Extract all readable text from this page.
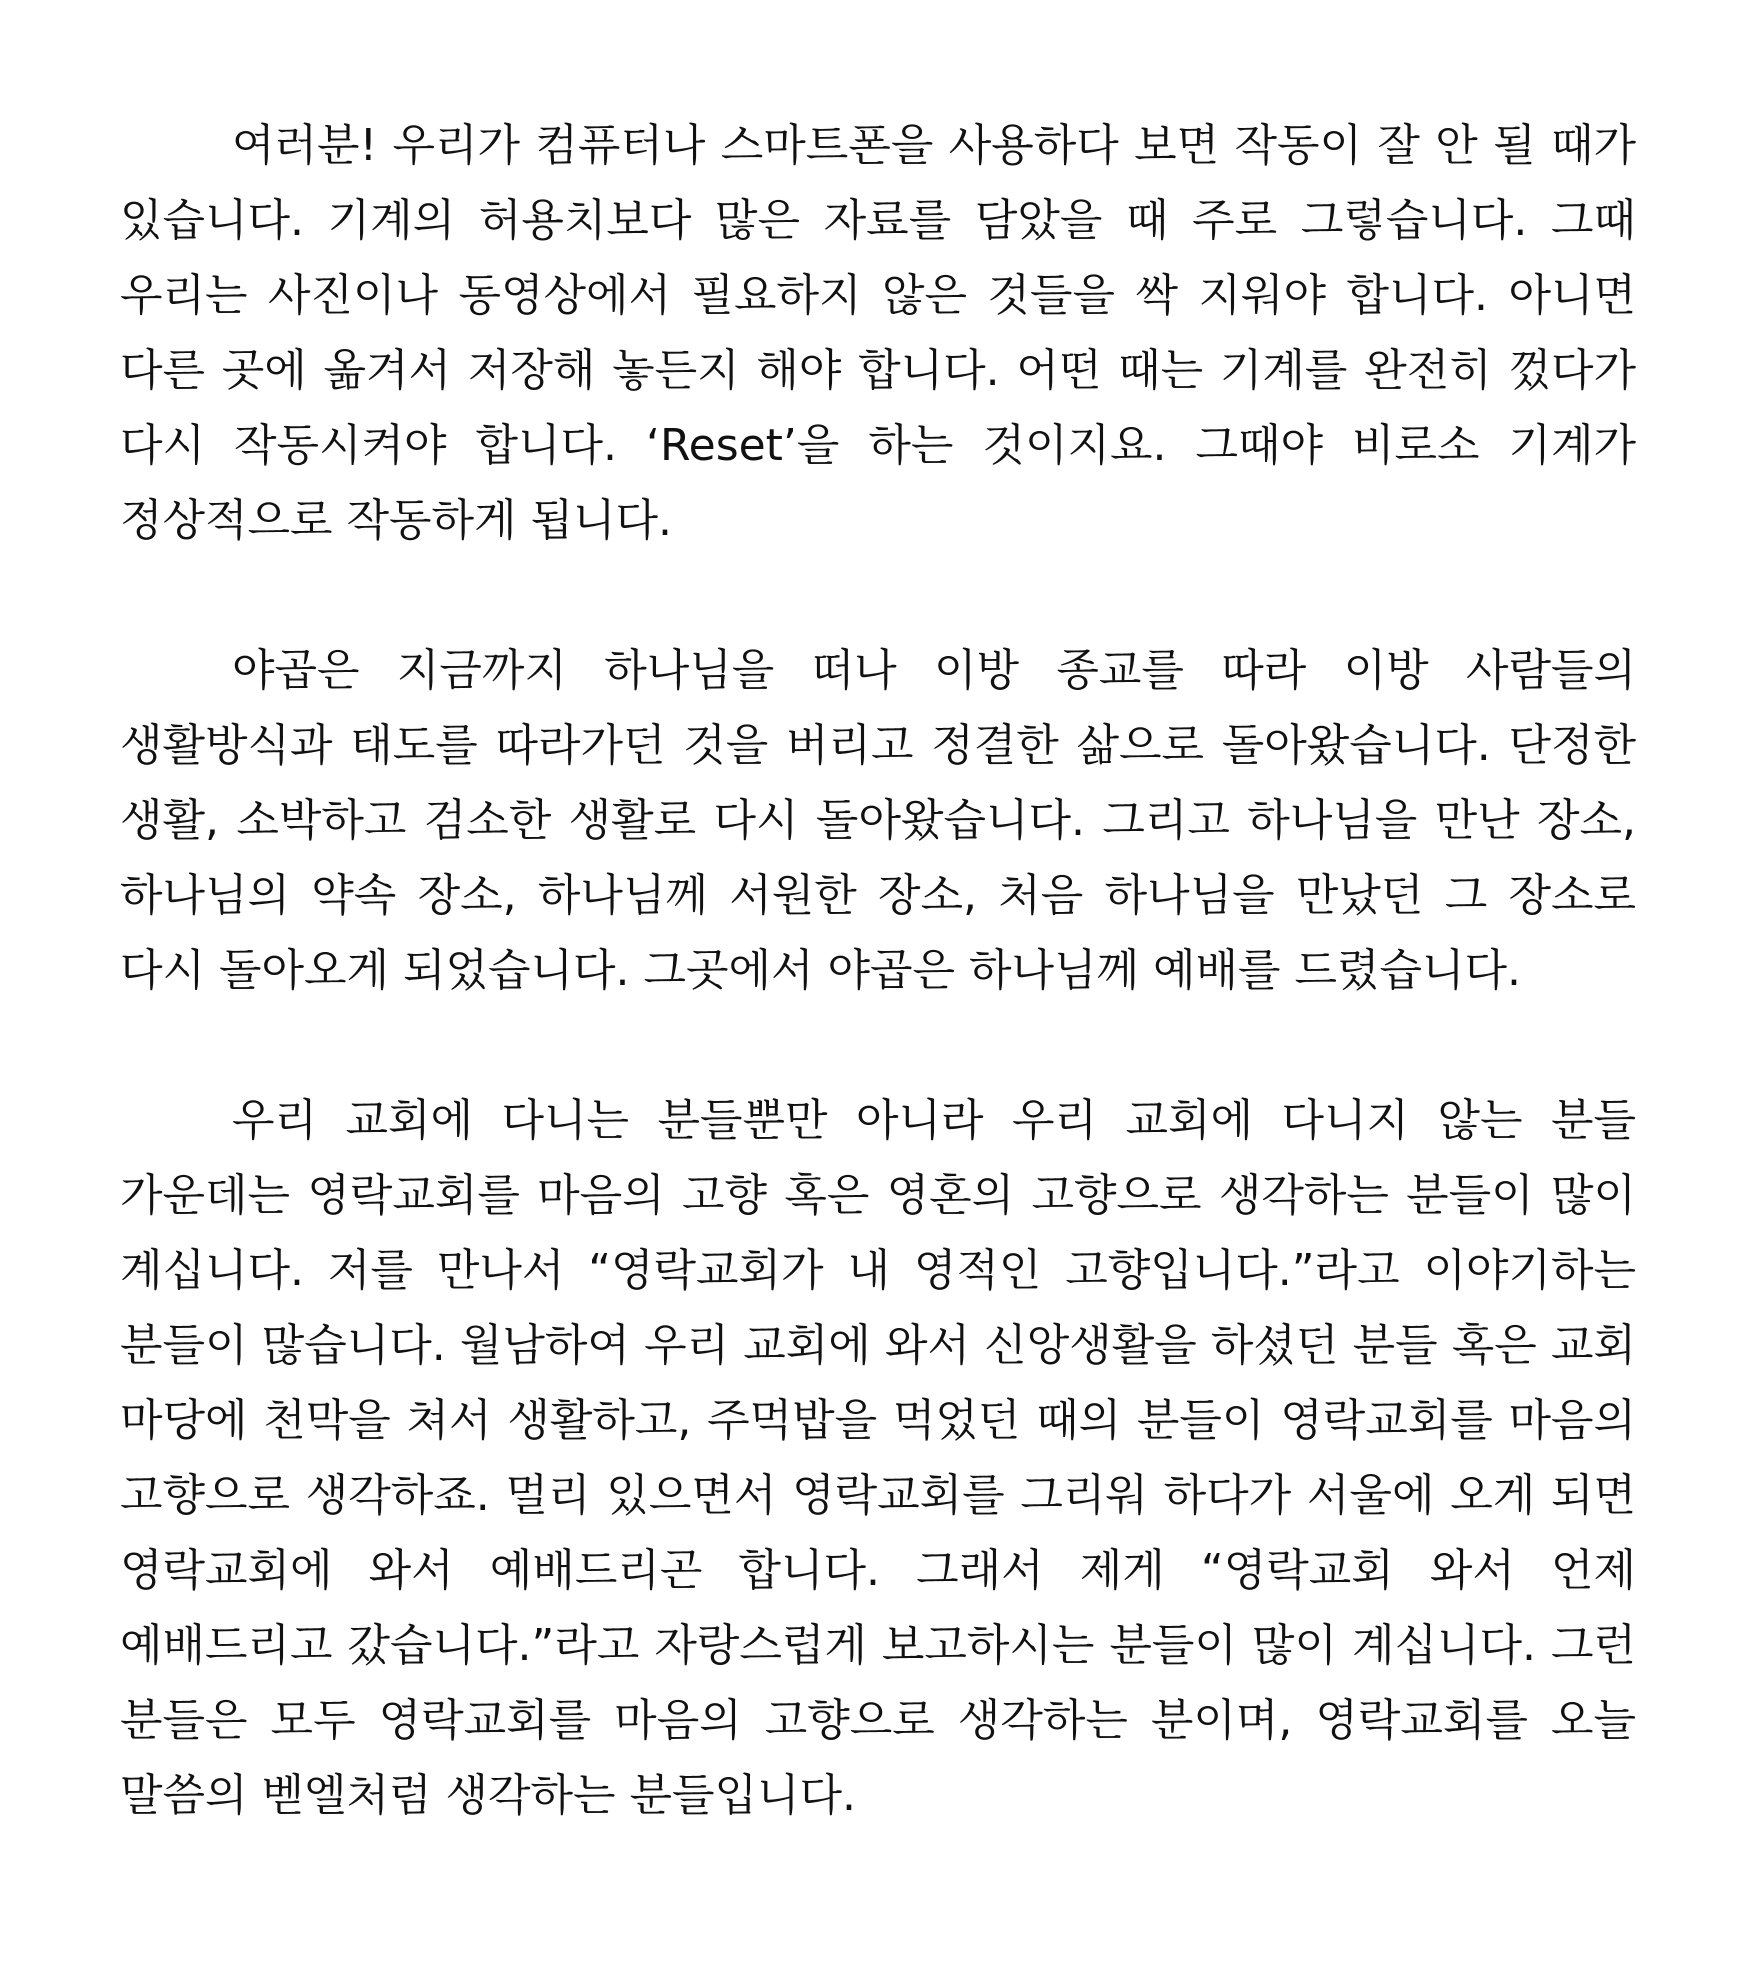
여러분! 우리가 컴퓨터나 스마트폰을 사용하다 보면 작동이 잘 안 될 때가 있습니다. 기계의 허용치보다 많은 자료를 담았을 때 주로 그렇습니다. 그때 우리는 사진이나 동영상에서 필요하지 않은 것들을 싹 지워야 합니다. 아니면 다른 곳에 옮겨서 저장해 놓든지 해야 합니다. 어떤 때는 기계를 완전히 껐다가 다시 작동시켜야 합니다. ‘Reset’을 하는 것이지요. 그때야 비로소 기계가 정상적으로 작동하게 됩니다.

야곱은 지금까지 하나님을 떠나 이방 종교를 따라 이방 사람들의 생활방식과 태도를 따라가던 것을 버리고 정결한 삶으로 돌아왔습니다. 단정한 생활, 소박하고 검소한 생활로 다시 돌아왔습니다. 그리고 하나님을 만난 장소, 하나님의 약속 장소, 하나님께 서원한 장소, 처음 하나님을 만났던 그 장소로 다시 돌아오게 되었습니다. 그곳에서 야곱은 하나님께 예배를 드렸습니다.

우리 교회에 다니는 분들뿐만 아니라 우리 교회에 다니지 않는 분들 가운데는 영락교회를 마음의 고향 혹은 영혼의 고향으로 생각하는 분들이 많이 계십니다. 저를 만나서 “영락교회가 내 영적인 고향입니다.”라고 이야기하는 분들이 많습니다. 월남하여 우리 교회에 와서 신앙생활을 하셨던 분들 혹은 교회 마당에 천막을 쳐서 생활하고, 주먹밥을 먹었던 때의 분들이 영락교회를 마음의 고향으로 생각하죠. 멀리 있으면서 영락교회를 그리워 하다가 서울에 오게 되면 영락교회에 와서 예배드리곤 합니다. 그래서 제게 “영락교회 와서 언제 예배드리고 갔습니다.”라고 자랑스럽게 보고하시는 분들이 많이 계십니다. 그런 분들은 모두 영락교회를 마음의 고향으로 생각하는 분이며, 영락교회를 오늘 말씀의 벧엘처럼 생각하는 분들입니다.
